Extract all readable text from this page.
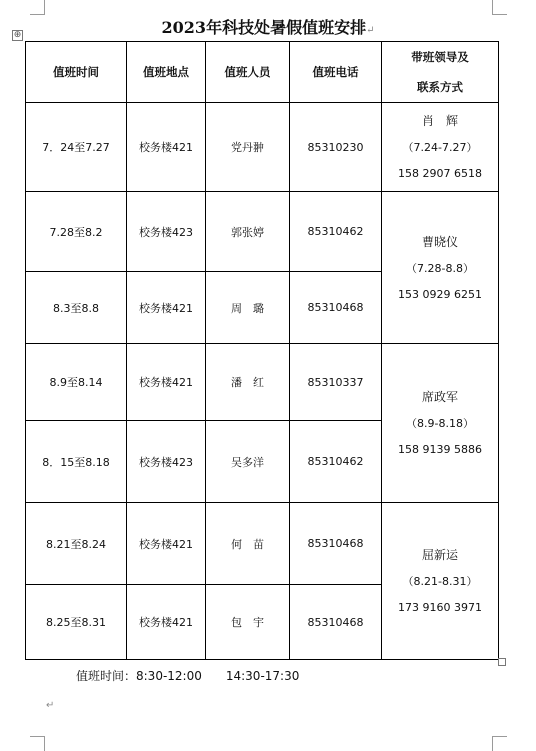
2023年科技处暑假值班安排↵
⊕
值班时间	值班地点	值班人员	值班电话	带班领导及
联系方式

7．24至7.27	校务楼421	党丹翀	85310230	肖　辉
（7.24-7.27）
158 2907 6518

7.28至8.2	校务楼423	郭张婷	85310462	曹晓仪
（7.28-8.8）
153 0929 6251

8.3至8.8	校务楼421	周　璐	85310468	
8.9至8.14	校务楼421	潘　红	85310337	席政军
（8.9-8.18）
158 9139 5886

8．15至8.18	校务楼423	吴多洋	85310462	
8.21至8.24	校务楼421	何　苗	85310468	屈新运
（8.21-8.31）
173 9160 3971

8.25至8.31	校务楼421	包　宇	85310468	
值班时间：8:30-12:00　　14:30-17:30
↵
